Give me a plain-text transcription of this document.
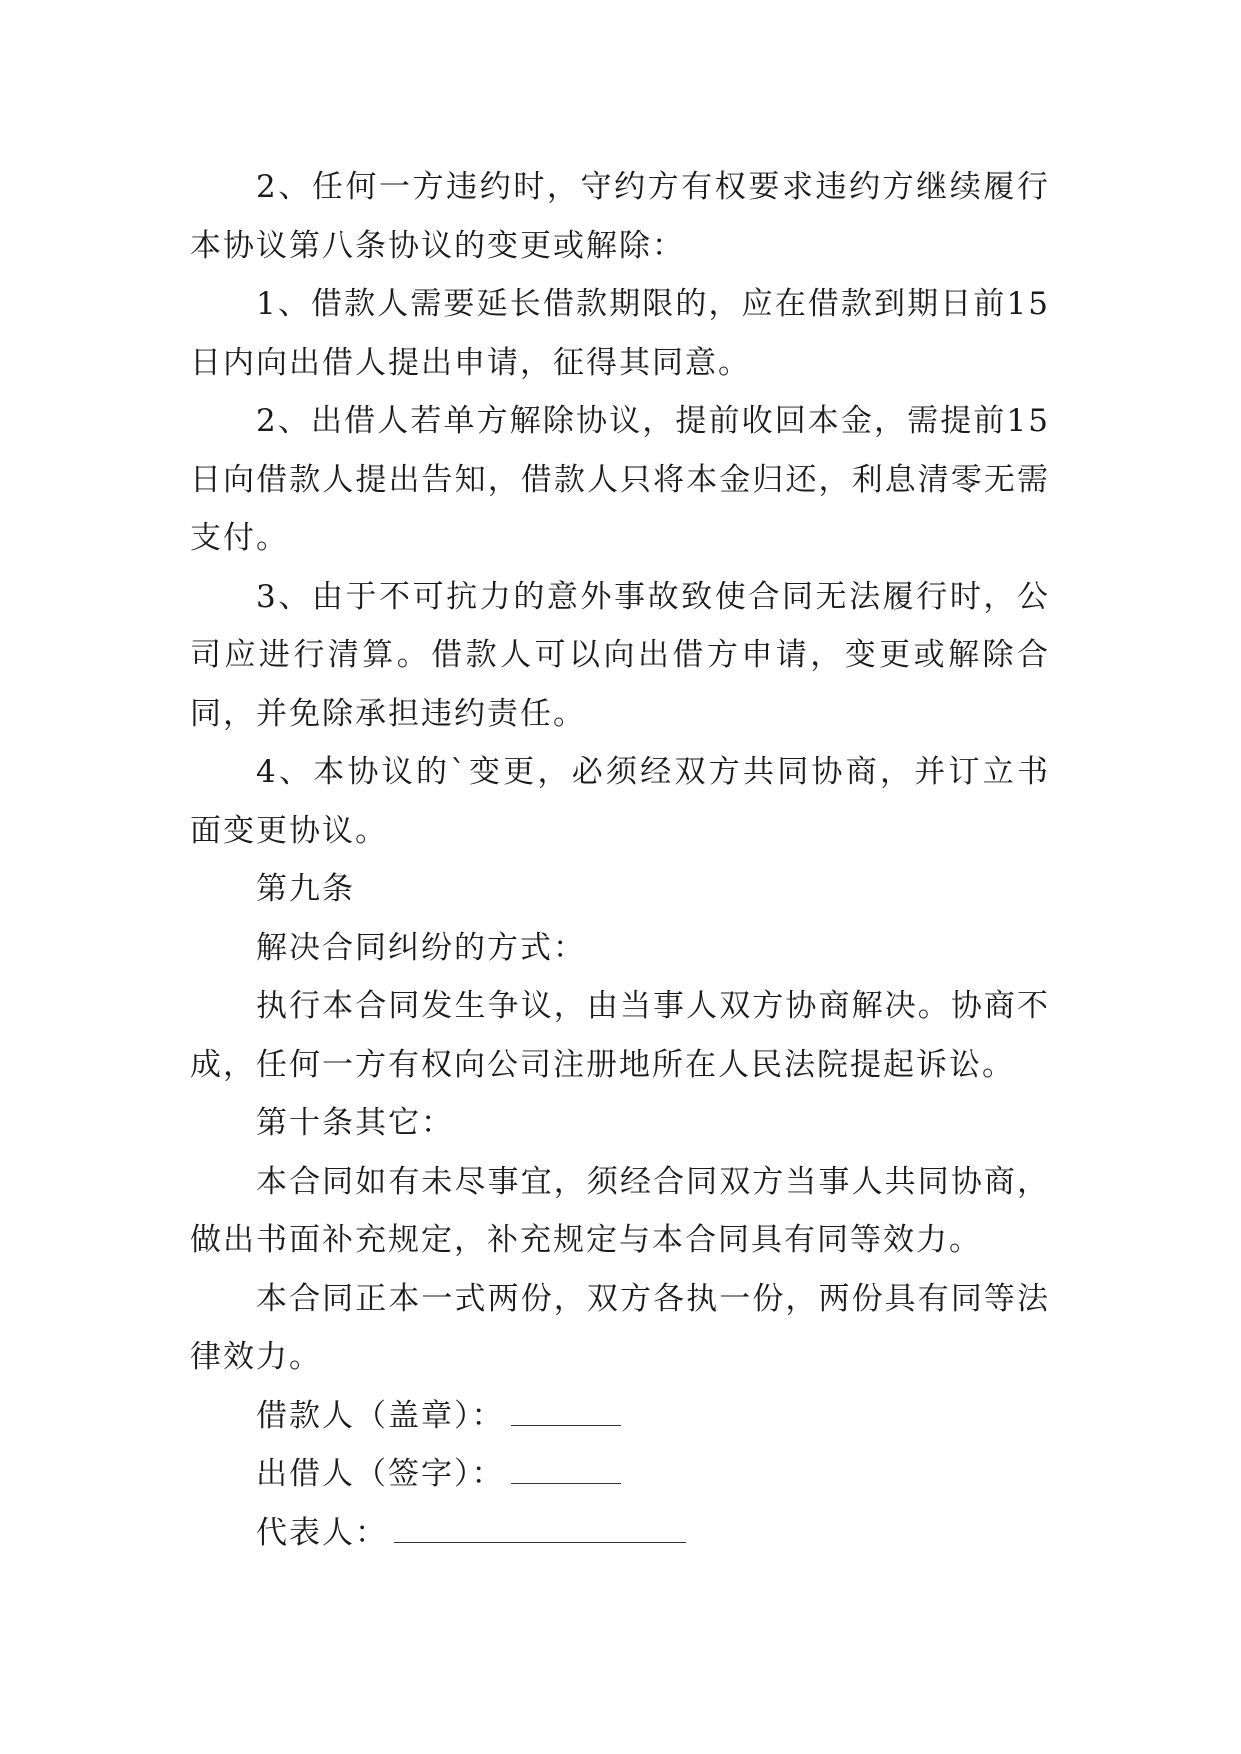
2、任何一方违约时，守约方有权要求违约方继续履行本协议第八条协议的变更或解除：

1、借款人需要延长借款期限的，应在借款到期日前15日内向出借人提出申请，征得其同意。

2、出借人若单方解除协议，提前收回本金，需提前15日向借款人提出告知，借款人只将本金归还，利息清零无需支付。

3、由于不可抗力的意外事故致使合同无法履行时，公司应进行清算。借款人可以向出借方申请，变更或解除合同，并免除承担违约责任。

4、本协议的`变更，必须经双方共同协商，并订立书面变更协议。

第九条

解决合同纠纷的方式：

执行本合同发生争议，由当事人双方协商解决。协商不成，任何一方有权向公司注册地所在人民法院提起诉讼。

第十条其它：

本合同如有未尽事宜，须经合同双方当事人共同协商，做出书面补充规定，补充规定与本合同具有同等效力。

本合同正本一式两份，双方各执一份，两份具有同等法律效力。

借款人（盖章）：

出借人（签字）：

代表人：
